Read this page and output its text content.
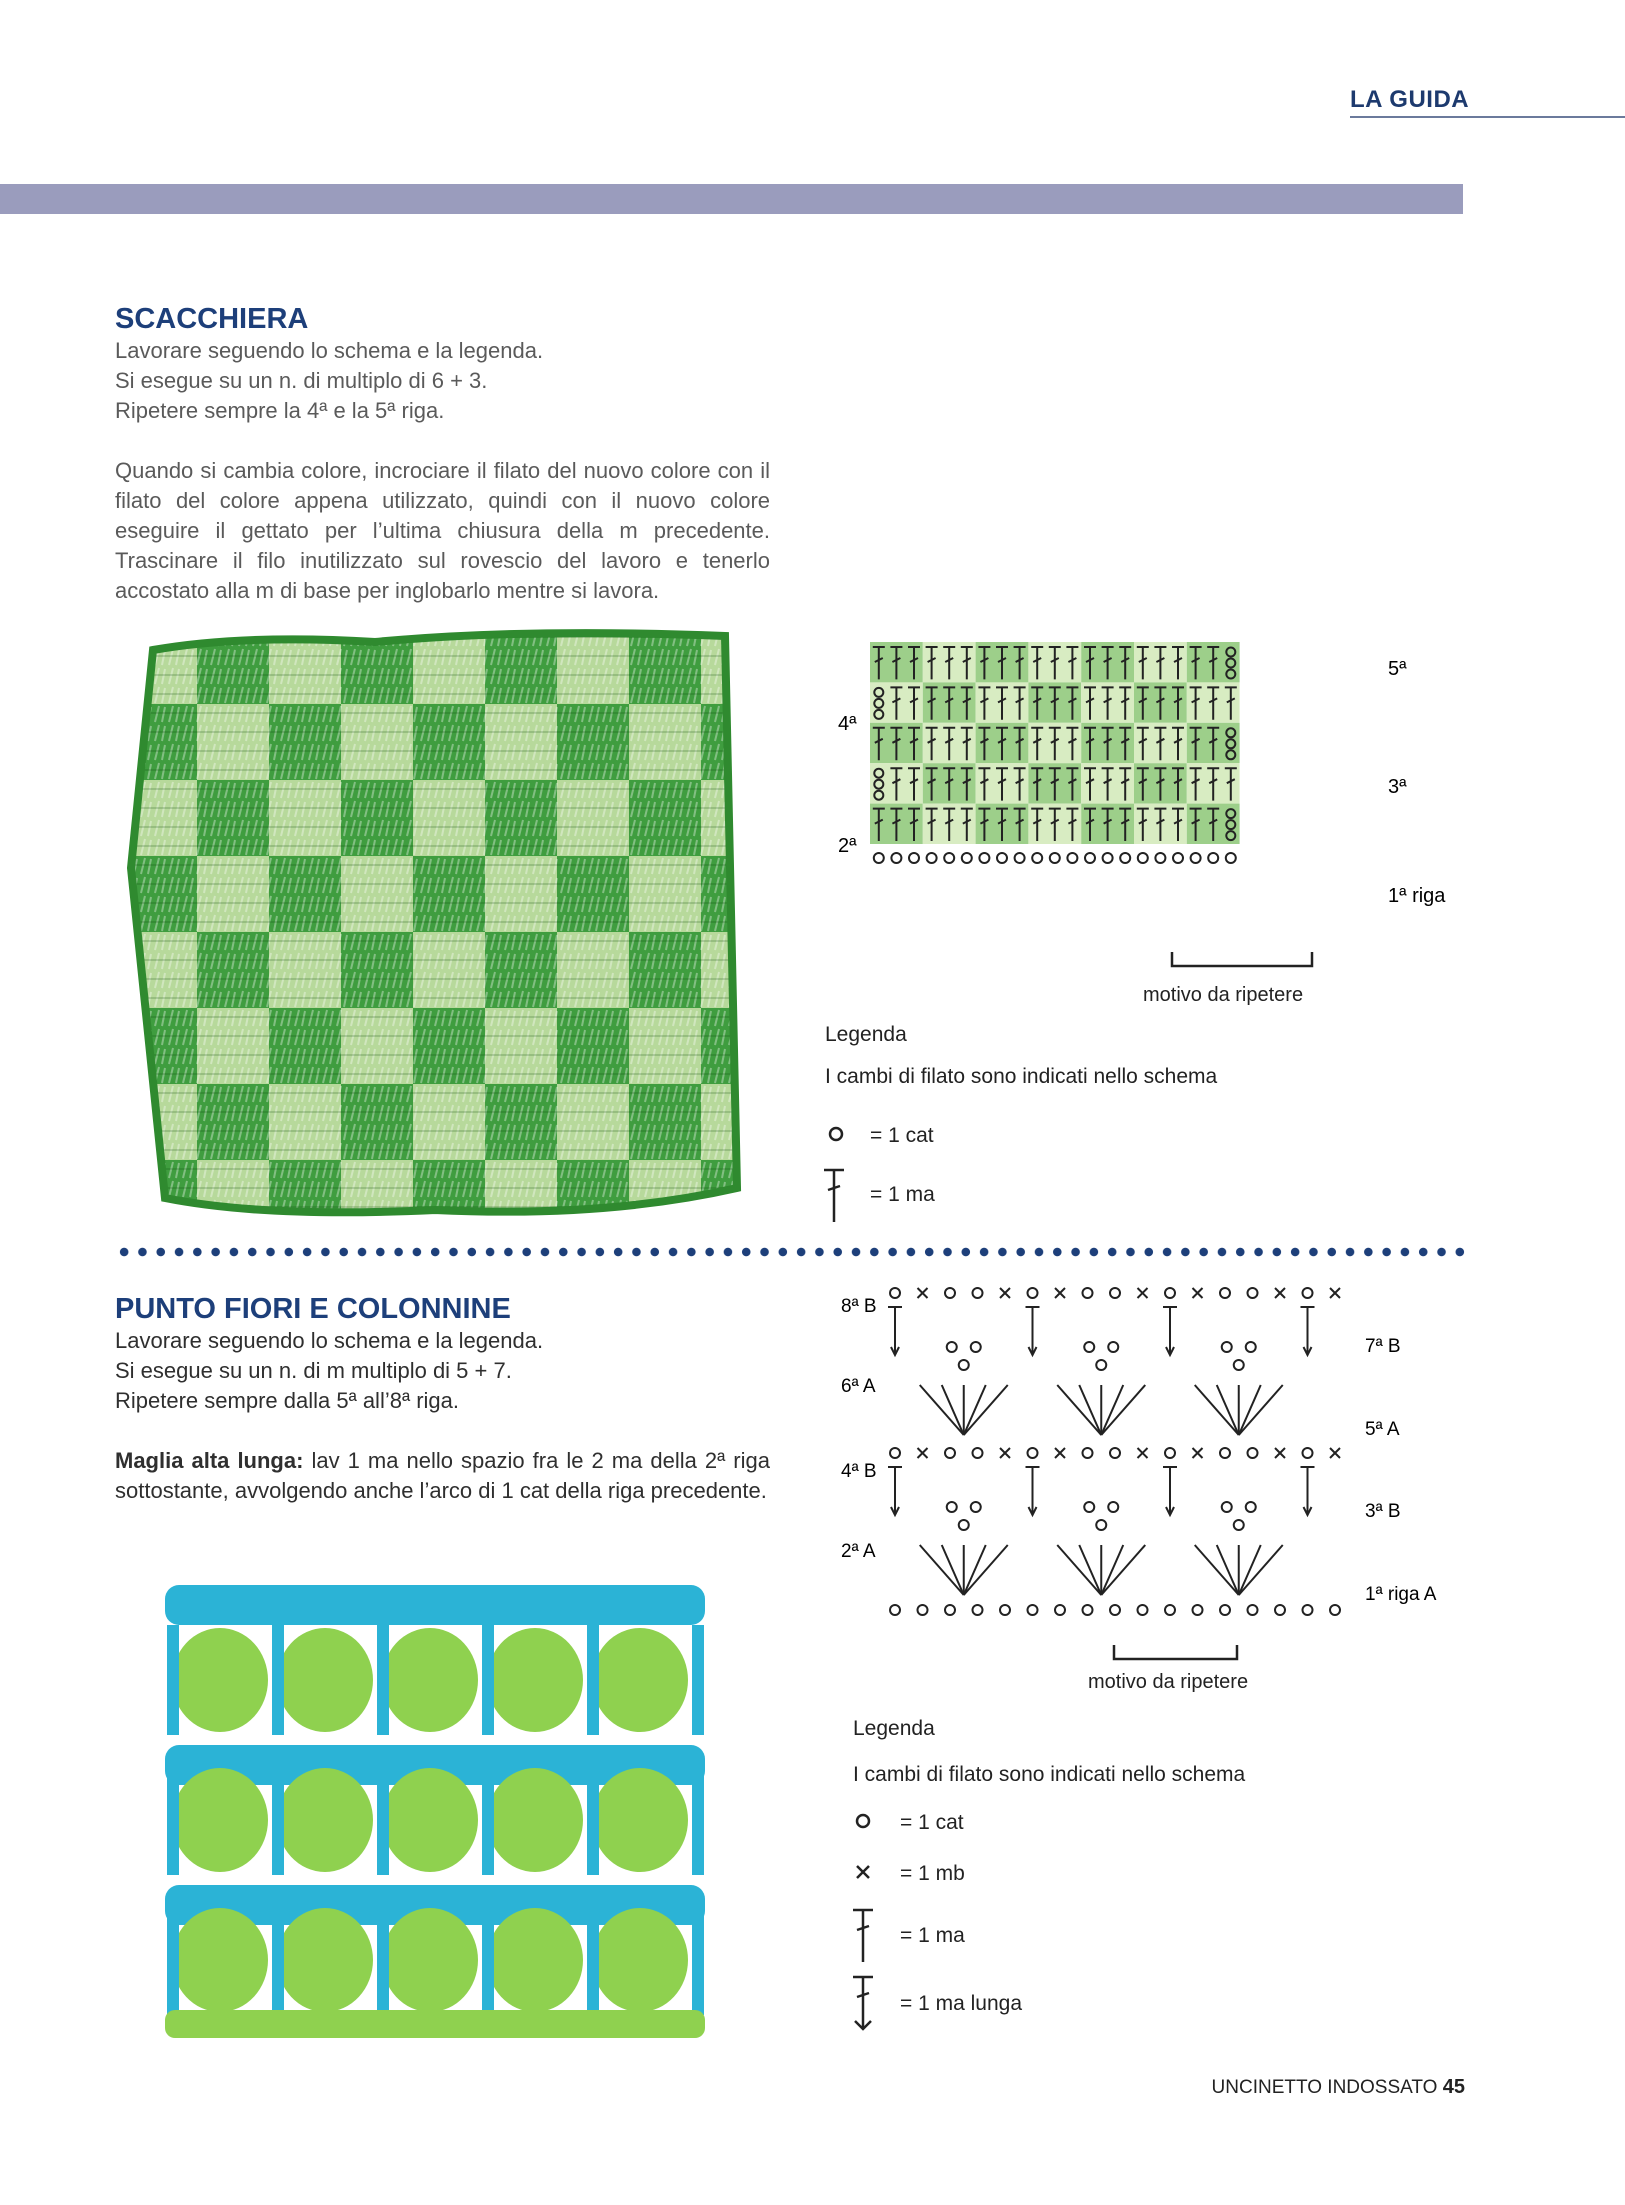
LA GUIDA
SCACCHIERA

Lavorare seguendo lo schema e la legenda.

Si esegue su un n. di multiplo di 6 + 3.

Ripetere sempre la 4ª e la 5ª riga.

Quando si cambia colore, incrociare il filato del nuovo colore con il filato del colore appena utilizzato, quindi con il nuovo colore eseguire il gettato per l’ultima chiusura della m precedente. Trascinare il filo inutilizzato sul rovescio del lavoro e tenerlo accostato alla m di base per inglobarlo mentre si lavora.

4ª
2ª
5ª
3ª
1ª riga
motivo da ripetere
Legenda
I cambi di filato sono indicati nello schema
= 1 cat
= 1 ma
PUNTO FIORI E COLONNINE

Lavorare seguendo lo schema e la legenda.

Si esegue su un n. di m multiplo di 5 + 7.

Ripetere sempre dalla 5ª all’8ª riga.

Maglia alta lunga: lav 1 ma nello spazio fra le 2 ma della 2ª riga sottostante, avvolgendo anche l’arco di 1 cat della riga precedente.

8ª B
6ª A
4ª B
2ª A
7ª B
5ª A
3ª B
1ª riga A
motivo da ripetere
Legenda
I cambi di filato sono indicati nello schema
= 1 cat
= 1 mb
= 1 ma
= 1 ma lunga
UNCINETTO INDOSSATO 45
